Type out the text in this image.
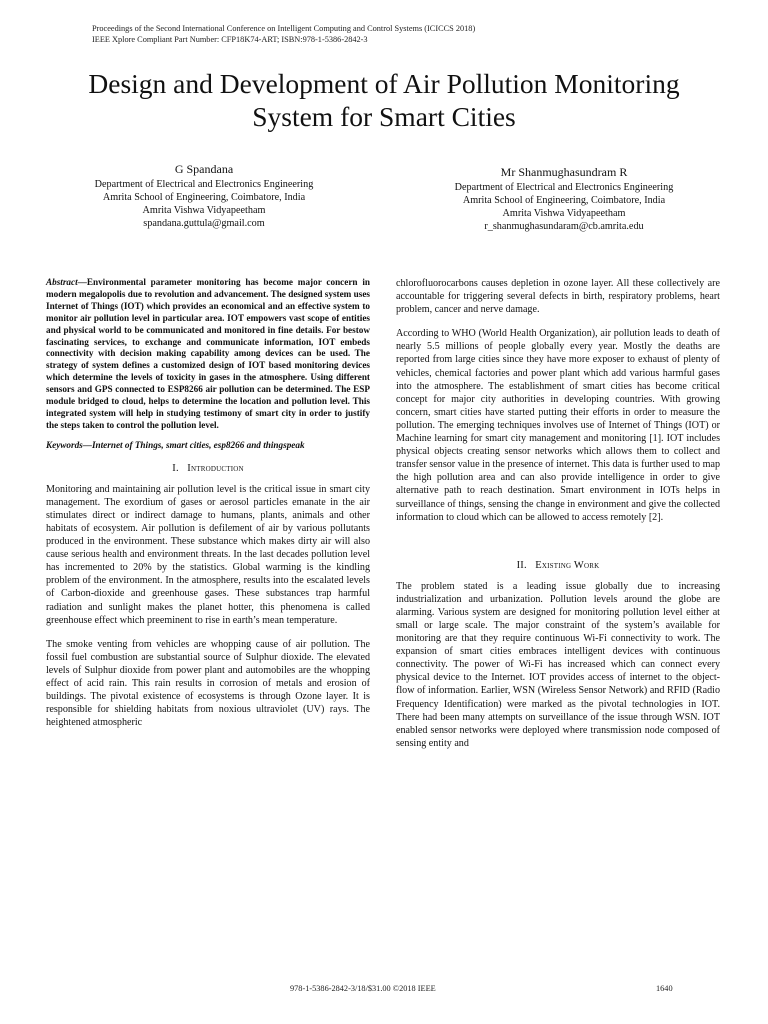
Proceedings of the Second International Conference on Intelligent Computing and Control Systems (ICICCS 2018)
IEEE Xplore Compliant Part Number: CFP18K74-ART; ISBN:978-1-5386-2842-3
Design and Development of Air Pollution Monitoring
System for Smart Cities
G Spandana
Department of Electrical and Electronics Engineering
Amrita School of Engineering, Coimbatore, India
Amrita Vishwa Vidyapeetham
spandana.guttula@gmail.com
Mr Shanmughasundram R
Department of Electrical and Electronics Engineering
Amrita School of Engineering, Coimbatore, India
Amrita Vishwa Vidyapeetham
r_shanmughasundaram@cb.amrita.edu

Abstract—Environmental parameter monitoring has become major concern in modern megalopolis due to revolution and advancement. The designed system uses Internet of Things (IOT) which provides an economical and an effective system to monitor air pollution level in particular area. IOT empowers vast scope of entities and physical world to be communicated and monitored in fine details. For bestow fascinating services, to exchange and communicate information, IOT embeds connectivity with decision making capability among devices can be used. The strategy of system defines a customized design of IOT based monitoring devices which determine the levels of toxicity in gases in the atmosphere. Using different sensors and GPS connected to ESP8266 air pollution can be determined. The ESP module bridged to cloud, helps to determine the location and pollution level. This integrated system will help in studying testimony of smart city in order to justify the steps taken to control the pollution level.

Keywords—Internet of Things, smart cities, esp8266 and thingspeak

I. Introduction

Monitoring and maintaining air pollution level is the critical issue in smart city management. The exordium of gases or aerosol particles emanate in the air stimulates direct or indirect damage to humans, plants, animals and other habitats of ecosystem. Air pollution is defilement of air by various pollutants produced in the environment. These substance which makes dirty air will also cause serious health and environment threats. In the last decades pollution level has incremented to 20% by the statistics. Global warming is the kindling problem of the environment. In the atmosphere, results into the escalated levels of Carbon-dioxide and greenhouse gases. These substances trap harmful radiation and sunlight makes the planet hotter, this phenomena is called greenhouse effect which preeminent to rise in earth’s mean temperature.

The smoke venting from vehicles are whopping cause of air pollution. The fossil fuel combustion are substantial source of Sulphur dioxide. The elevated levels of Sulphur dioxide from power plant and automobiles are the whopping effect of acid rain. This rain results in corrosion of metals and erosion of buildings. The pivotal existence of ecosystems is through Ozone layer. It is responsible for shielding habitats from noxious ultraviolet (UV) rays. The heightened atmospheric

chlorofluorocarbons causes depletion in ozone layer. All these collectively are accountable for triggering several defects in birth, respiratory problems, heart problem, cancer and nerve damage.

According to WHO (World Health Organization), air pollution leads to death of nearly 5.5 millions of people globally every year. Mostly the deaths are reported from large cities since they have more exposer to exhaust of plenty of vehicles, chemical factories and power plant which add various harmful gases into the atmosphere. The establishment of smart cities has become critical concept for major city authorities in developing countries. With growing concern, smart cities have started putting their efforts in order to measure the pollution. The emerging techniques involves use of Internet of Things (IOT) or Machine learning for smart city management and monitoring [1]. IOT includes physical objects creating sensor networks which allows them to collect and transfer sensor value in the presence of internet. This data is further used to map the high pollution area and can also provide intelligence in order to give alternative path to reach destination. Smart environment in IOTs helps in surveillance of things, sensing the change in environment and give the collected information to cloud which can be allowed to access remotely [2].

II. Existing Work

The problem stated is a leading issue globally due to increasing industrialization and urbanization. Pollution levels around the globe are alarming. Various system are designed for monitoring pollution level either at small or large scale. The major constraint of the system’s available for monitoring are that they require continuous Wi-Fi connectivity to work. The expansion of smart cities embraces intelligent devices with continuous connectivity. The power of Wi-Fi has increased which can connect every physical device to the Internet. IOT provides access of internet to the object-flow of information. Earlier, WSN (Wireless Sensor Network) and RFID (Radio Frequency Identification) were marked as the pivotal technologies in IOT. There had been many attempts on surveillance of the issue through WSN. IOT enabled sensor networks were deployed where transmission node composed of sensing entity and

978-1-5386-2842-3/18/$31.00 ©2018 IEEE	1640
